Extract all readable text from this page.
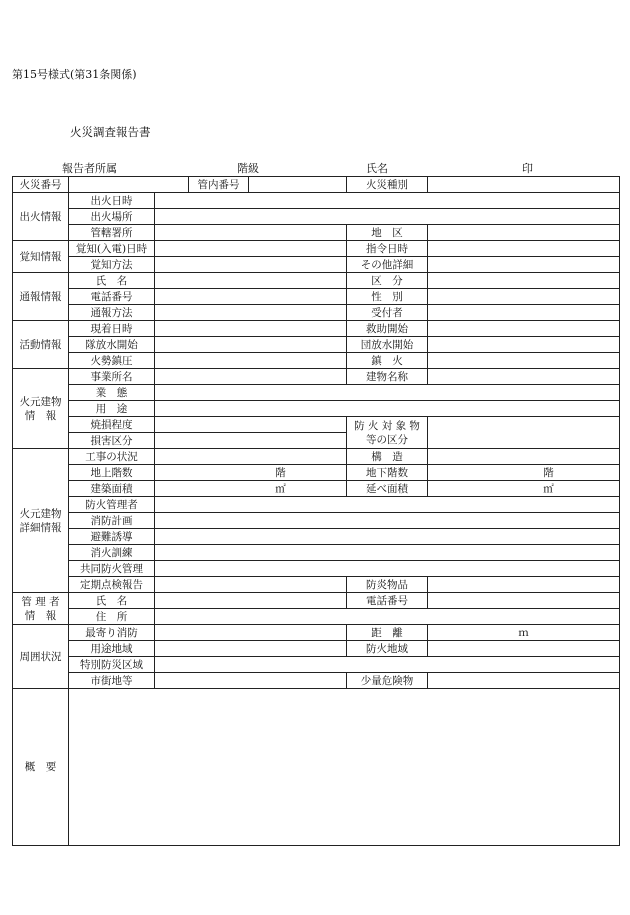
第15号様式(第31条関係)
火災調査報告書
報告者所属	階級	氏名	印
火災番号			管内番号		火災種別	
出火情報	出火日時					
	出火場所					
	管轄署所				地　区	
覚知情報	覚知(入電)日時				指令日時	
	覚知方法				その他詳細	
通報情報	氏　名				区　分	
	電話番号				性　別	
	通報方法				受付者	
活動情報	現着日時				救助開始	
	隊放水開始				団放水開始	
	火勢鎮圧				鎮　火	
火元建物
情　報	事業所名				建物名称	
	業　態					
	用　途					
	焼損程度				防 火 対 象 物
等の区分	
	損害区分					
火元建物
詳細情報	工事の状況				構　造	
	地上階数	階			地下階数	階
	建築面積	㎡			延べ面積	㎡
	防火管理者					
	消防計画					
	避難誘導					
	消火訓練					
	共同防火管理					
	定期点検報告				防炎物品	
管 理 者
情　報	氏　名				電話番号	
	住　所					
周囲状況	最寄り消防				距　離	ｍ
	用途地域				防火地域	
	特別防災区域					
	市街地等				少量危険物	
概　要						
